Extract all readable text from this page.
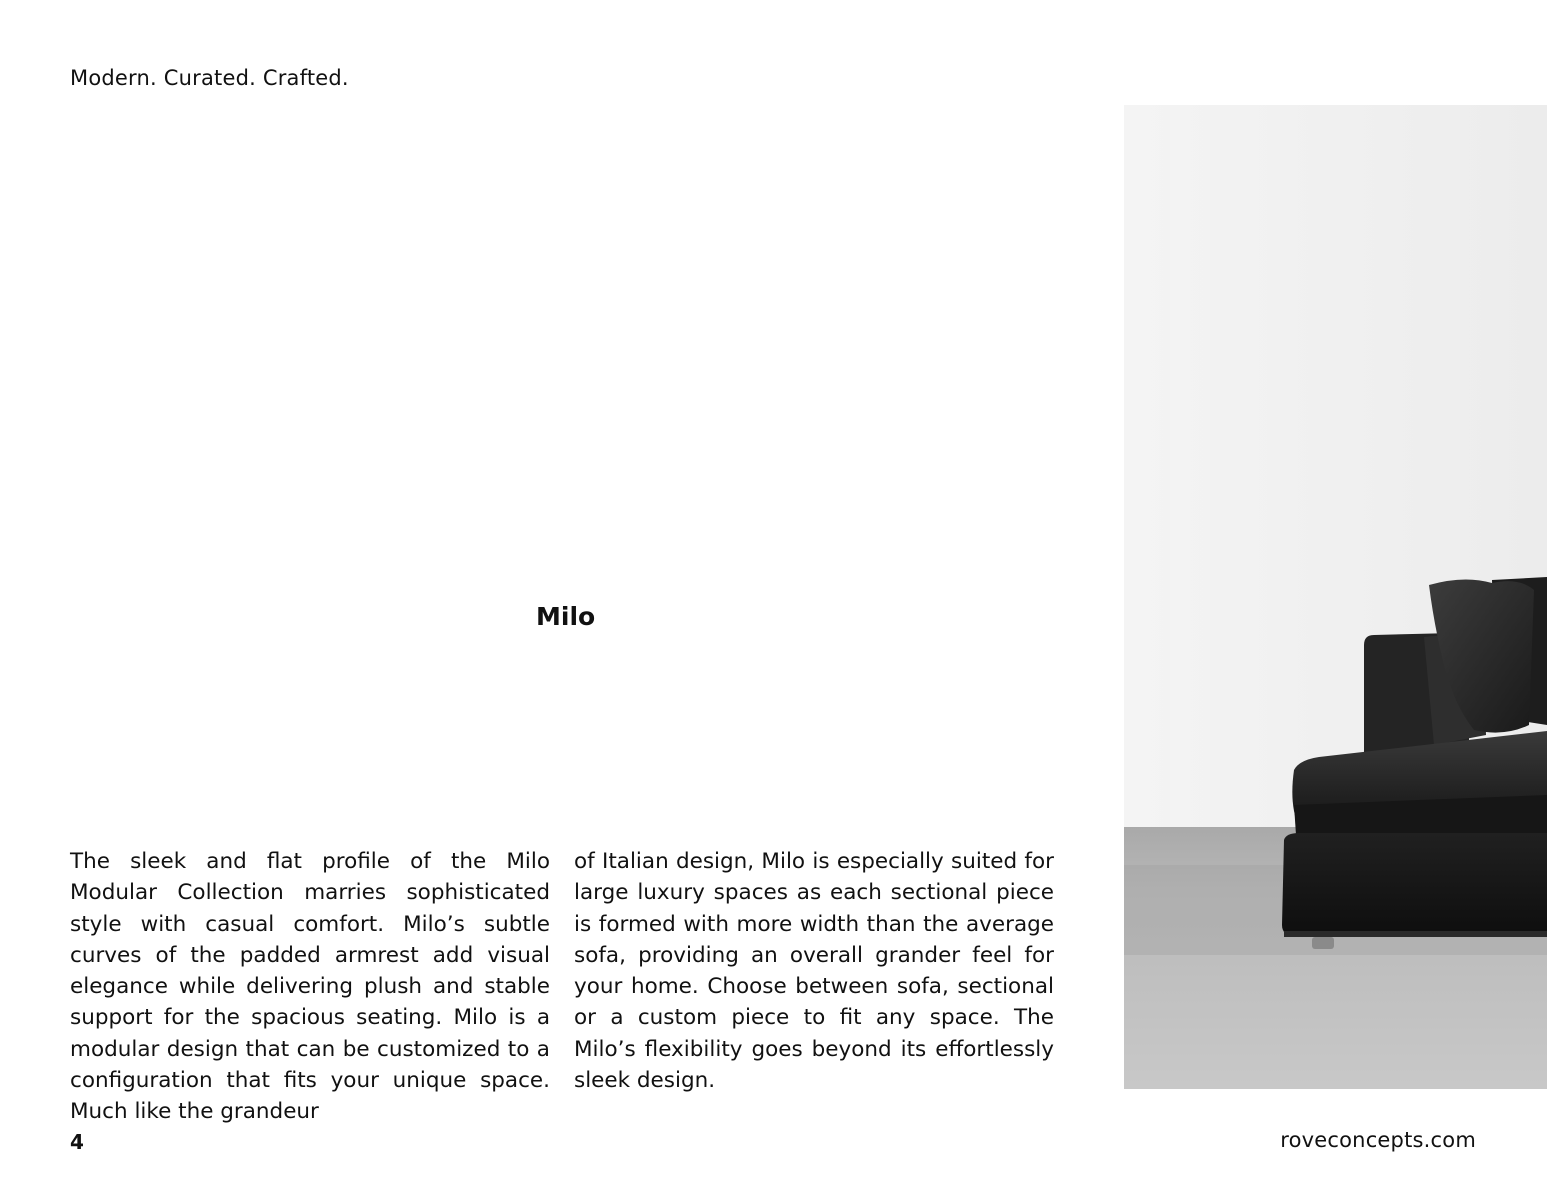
Modern. Curated. Crafted.

Milo

The sleek and flat profile of the Milo Modular Collection marries sophisticated style with casual comfort. Milo’s subtle curves of the padded armrest add visual elegance while delivering plush and stable support for the spacious seating. Milo is a modular design that can be customized to a configuration that fits your unique space. Much like the grandeur

of Italian design, Milo is especially suited for large luxury spaces as each sectional piece is formed with more width than the average sofa, providing an overall grander feel for your home. Choose between sofa, sectional or a custom piece to fit any space. The Milo’s flexibility goes beyond its effortlessly sleek design.

4	roveconcepts.com
